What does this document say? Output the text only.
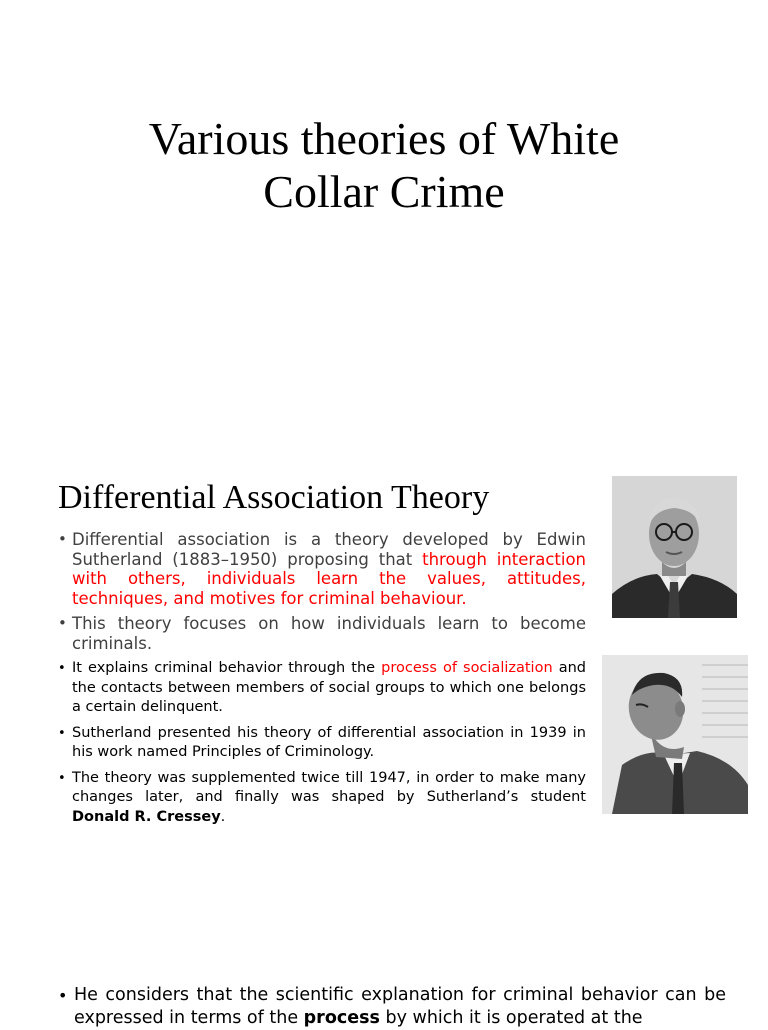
Various theories of White
Collar Crime
Differential Association Theory
• Differential association is a theory developed by Edwin Sutherland (1883–1950) proposing that through interaction with others, individuals learn the values, attitudes, techniques, and motives for criminal behaviour.
• This theory focuses on how individuals learn to become criminals.
• It explains criminal behavior through the process of socialization and the contacts between members of social groups to which one belongs a certain delinquent.
• Sutherland presented his theory of differential association in 1939 in his work named Principles of Criminology.
• The theory was supplemented twice till 1947, in order to make many changes later, and finally was shaped by Sutherland’s student Donald R. Cressey.
• He considers that the scientific explanation for criminal behavior can be expressed in terms of the process by which it is operated at the
